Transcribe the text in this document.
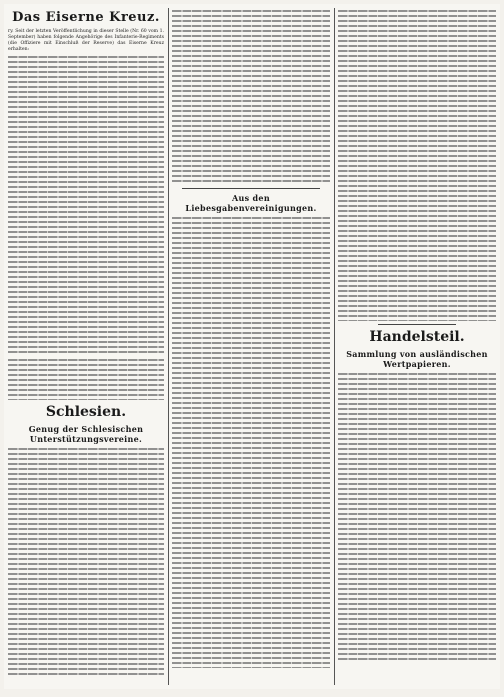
Das Eiserne Kreuz.

ry. Seit der letzten Veröffentlichung in dieser Stelle (Nr. 60 vom 1. September) haben folgende Angehörige des Infanterie-Regiments (die Offiziere mit Einschluß der Reserve) das Eiserne Kreuz erhalten:

Schlesien.
Genug der Schlesischen Unterstützungsvereine.
Aus den Liebesgabenvereinigungen.
Handelsteil.
Sammlung von ausländischen Wertpapieren.
